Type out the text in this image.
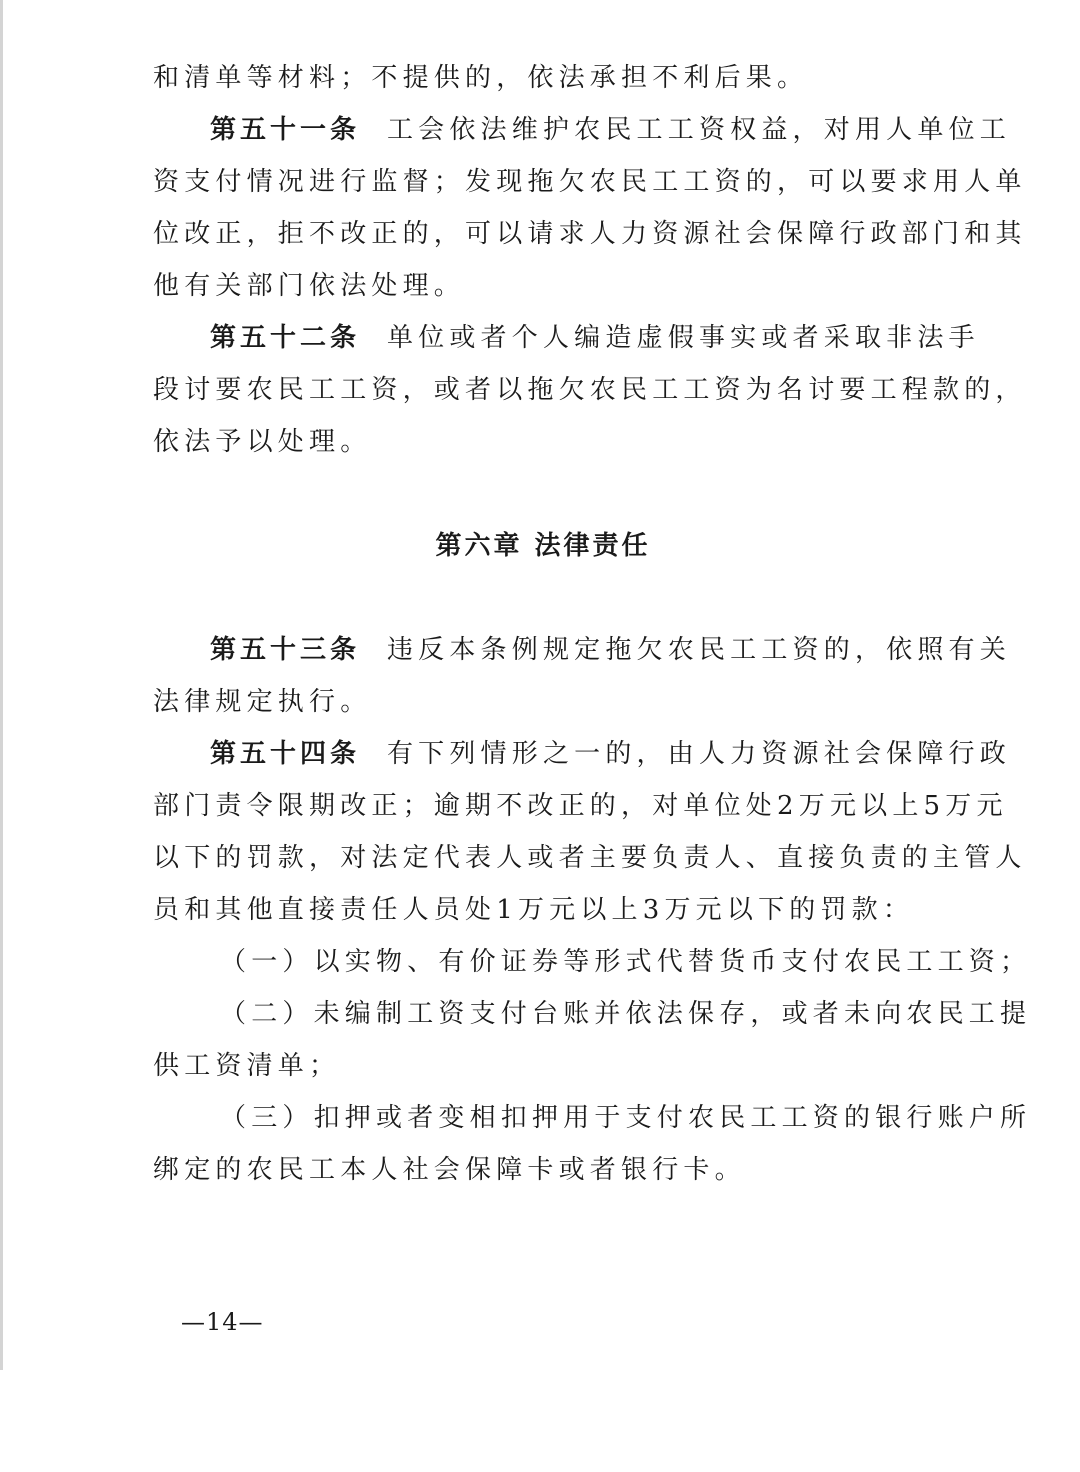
和清单等材料；不提供的，依法承担不利后果。
第五十一条 工会依法维护农民工工资权益，对用人单位工
资支付情况进行监督；发现拖欠农民工工资的，可以要求用人单
位改正，拒不改正的，可以请求人力资源社会保障行政部门和其
他有关部门依法处理。
第五十二条 单位或者个人编造虚假事实或者采取非法手
段讨要农民工工资，或者以拖欠农民工工资为名讨要工程款的，
依法予以处理。
第六章 法律责任
第五十三条 违反本条例规定拖欠农民工工资的，依照有关
法律规定执行。
第五十四条 有下列情形之一的，由人力资源社会保障行政
部门责令限期改正；逾期不改正的，对单位处2万元以上5万元
以下的罚款，对法定代表人或者主要负责人、直接负责的主管人
员和其他直接责任人员处1万元以上3万元以下的罚款：
（一）以实物、有价证券等形式代替货币支付农民工工资；
（二）未编制工资支付台账并依法保存，或者未向农民工提
供工资清单；
（三）扣押或者变相扣押用于支付农民工工资的银行账户所
绑定的农民工本人社会保障卡或者银行卡。
—14—
